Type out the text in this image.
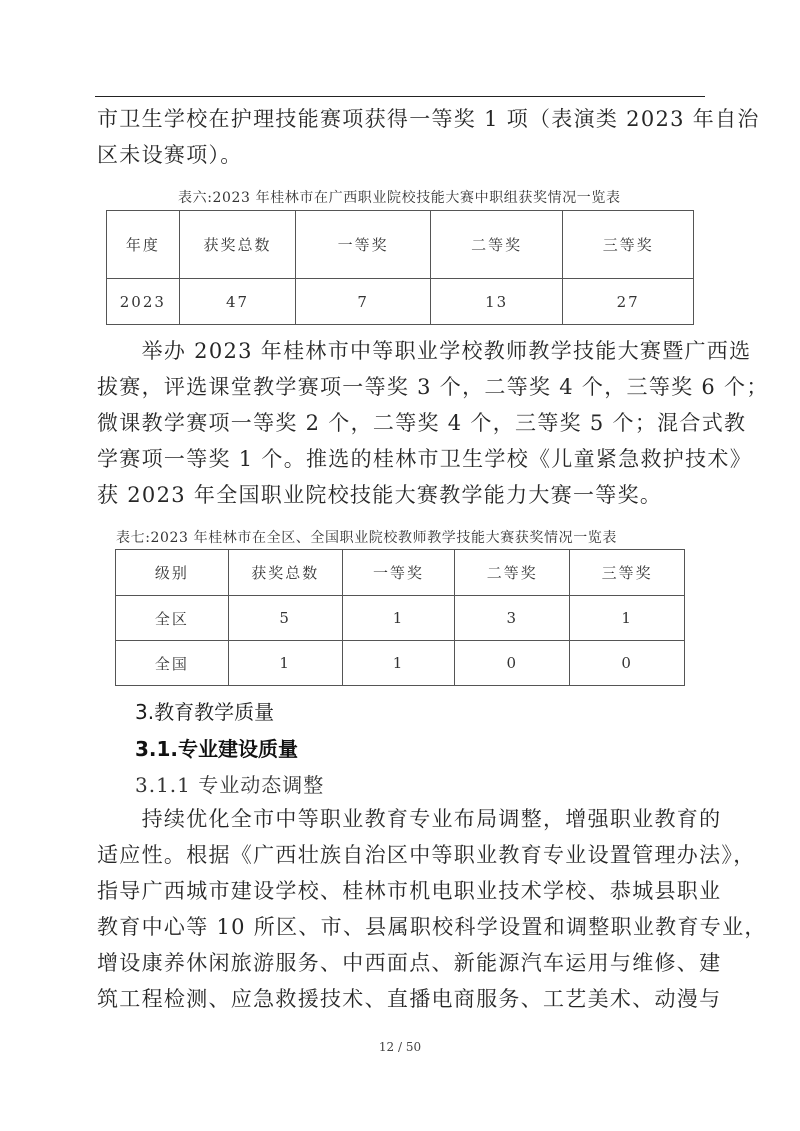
市卫生学校在护理技能赛项获得一等奖 1 项（表演类 2023 年自治
区未设赛项）。
表六:2023 年桂林市在广西职业院校技能大赛中职组获奖情况一览表
年度	获奖总数	一等奖	二等奖	三等奖
2023	47	7	13	27
　　举办 2023 年桂林市中等职业学校教师教学技能大赛暨广西选
拔赛，评选课堂教学赛项一等奖 3 个，二等奖 4 个，三等奖 6 个；
微课教学赛项一等奖 2 个，二等奖 4 个，三等奖 5 个；混合式教
学赛项一等奖 1 个。推选的桂林市卫生学校《儿童紧急救护技术》
获 2023 年全国职业院校技能大赛教学能力大赛一等奖。
表七:2023 年桂林市在全区、全国职业院校教师教学技能大赛获奖情况一览表
级别	获奖总数	一等奖	二等奖	三等奖
全区	5	1	3	1
全国	1	1	0	0
3.教育教学质量
3.1.专业建设质量
3.1.1 专业动态调整
　　持续优化全市中等职业教育专业布局调整，增强职业教育的
适应性。根据《广西壮族自治区中等职业教育专业设置管理办法》，
指导广西城市建设学校、桂林市机电职业技术学校、恭城县职业
教育中心等 10 所区、市、县属职校科学设置和调整职业教育专业，
增设康养休闲旅游服务、中西面点、新能源汽车运用与维修、建
筑工程检测、应急救援技术、直播电商服务、工艺美术、动漫与
12 / 50
